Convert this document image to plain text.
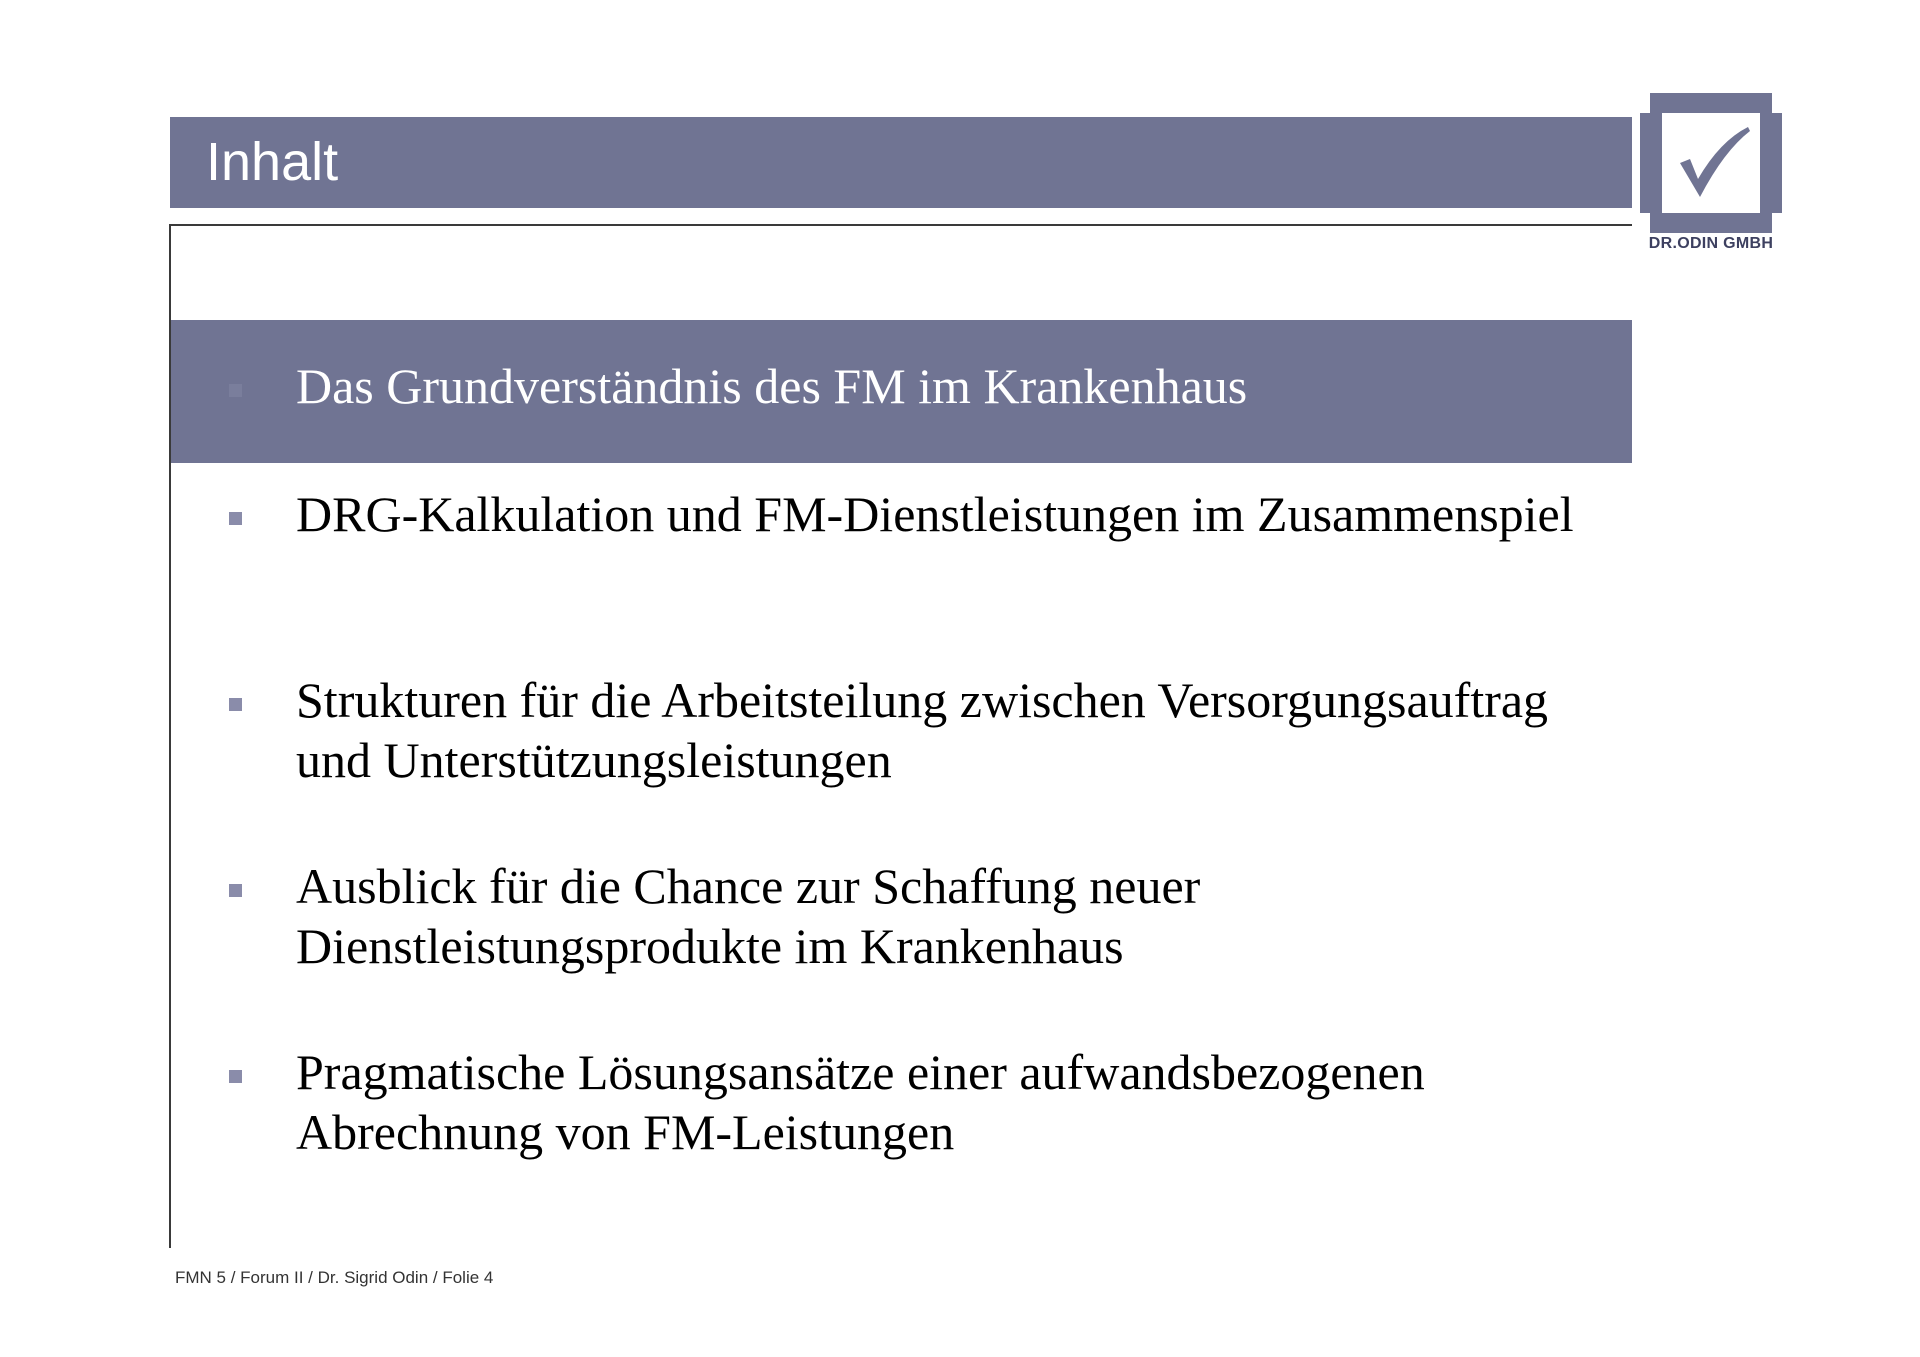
Inhalt
DR.ODIN GMBH
Das Grundverständnis des FM im Krankenhaus
DRG-Kalkulation und FM-Dienstleistungen im Zusammenspiel
Strukturen für die Arbeitsteilung zwischen Versorgungsauftrag und Unterstützungsleistungen
Ausblick für die Chance zur Schaffung neuer Dienstleistungsprodukte im Krankenhaus
Pragmatische Lösungsansätze einer aufwandsbezogenen Abrechnung von FM-Leistungen
FMN 5 / Forum II / Dr. Sigrid Odin / Folie 4
